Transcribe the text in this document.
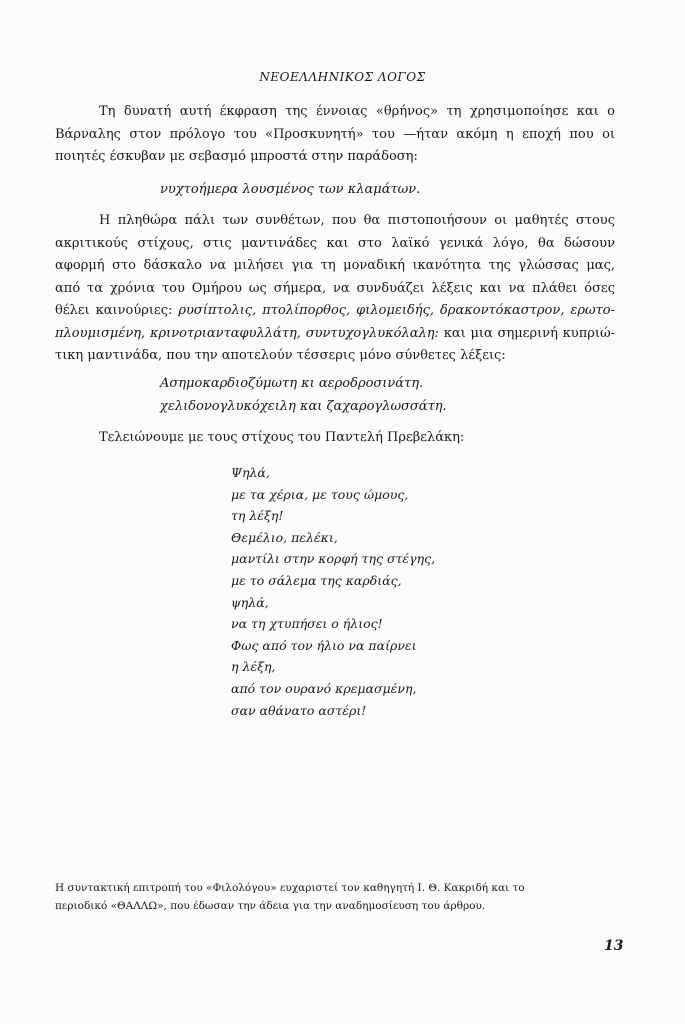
ΝΕΟΕΛΛΗΝΙΚΟΣ ΛΟΓΟΣ

Τη δυνατή αυτή έκφραση της έννοιας «θρήνος» τη χρησιμοποίησε και ο
Βάρναλης στον πρόλογο του «Προσκυνητή» του —ήταν ακόμη η εποχή που οι
ποιητές έσκυβαν με σεβασμό μπροστά στην παράδοση:

νυχτοήμερα λουσμένος των κλαμάτων.

Η πληθώρα πάλι των συνθέτων, που θα πιστοποιήσουν οι μαθητές στους
ακριτικούς στίχους, στις μαντινάδες και στο λαϊκό γενικά λόγο, θα δώσουν
αφορμή στο δάσκαλο να μιλήσει για τη μοναδική ικανότητα της γλώσσας μας,
από τα χρόνια του Ομήρου ως σήμερα, να συνδυάζει λέξεις και να πλάθει όσες
θέλει καινούριες: ρυσίπτολις, πτολίπορθος, φιλομειδής, δρακοντόκαστρον, ερωτο-
πλουμισμένη, κρινοτριανταφυλλάτη, συντυχογλυκόλαλη: και μια σημερινή κυπριώ-
τικη μαντινάδα, που την αποτελούν τέσσερις μόνο σύνθετες λέξεις:

Ασημοκαρδιοζύμωτη κι αεροδροσινάτη.
χελιδονογλυκόχειλη και ζαχαρογλωσσάτη.

Τελειώνουμε με τους στίχους του Παντελή Πρεβελάκη:

Ψηλά,
με τα χέρια, με τους ώμους,
τη λέξη!
Θεμέλιο, πελέκι,
μαντίλι στην κορφή της στέγης,
με το σάλεμα της καρδιάς,
ψηλά,
να τη χτυπήσει ο ήλιος!
Φως από τον ήλιο να παίρνει
η λέξη,
από τον ουρανό κρεμασμένη,
σαν αθάνατο αστέρι!

Η συντακτική επιτροπή του «Φιλολόγου» ευχαριστεί τον καθηγητή Ι. Θ. Κακριδή και το
περιοδικό «ΘΑΛΛΩ», που έδωσαν την άδεια για την αναδημοσίευση του άρθρου.

13
